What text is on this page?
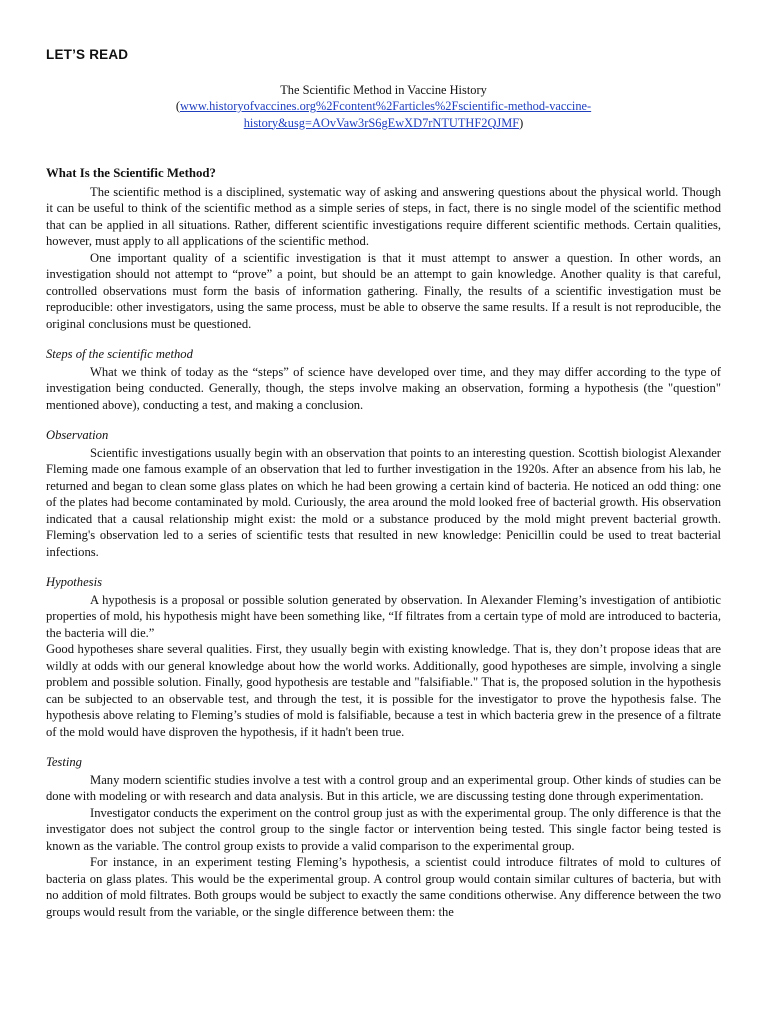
LET’S READ
The Scientific Method in Vaccine History
(www.historyofvaccines.org%2Fcontent%2Farticles%2Fscientific-method-vaccine-history&usg=AOvVaw3rS6gEwXD7rNTUTHF2QJMF)
What Is the Scientific Method?

The scientific method is a disciplined, systematic way of asking and answering questions about the physical world. Though it can be useful to think of the scientific method as a simple series of steps, in fact, there is no single model of the scientific method that can be applied in all situations. Rather, different scientific investigations require different scientific methods. Certain qualities, however, must apply to all applications of the scientific method.

One important quality of a scientific investigation is that it must attempt to answer a question. In other words, an investigation should not attempt to “prove” a point, but should be an attempt to gain knowledge. Another quality is that careful, controlled observations must form the basis of information gathering. Finally, the results of a scientific investigation must be reproducible: other investigators, using the same process, must be able to observe the same results. If a result is not reproducible, the original conclusions must be questioned.

Steps of the scientific method

What we think of today as the “steps” of science have developed over time, and they may differ according to the type of investigation being conducted. Generally, though, the steps involve making an observation, forming a hypothesis (the "question" mentioned above), conducting a test, and making a conclusion.

Observation

Scientific investigations usually begin with an observation that points to an interesting question. Scottish biologist Alexander Fleming made one famous example of an observation that led to further investigation in the 1920s. After an absence from his lab, he returned and began to clean some glass plates on which he had been growing a certain kind of bacteria. He noticed an odd thing: one of the plates had become contaminated by mold. Curiously, the area around the mold looked free of bacterial growth. His observation indicated that a causal relationship might exist: the mold or a substance produced by the mold might prevent bacterial growth. Fleming's observation led to a series of scientific tests that resulted in new knowledge: Penicillin could be used to treat bacterial infections.

Hypothesis

A hypothesis is a proposal or possible solution generated by observation. In Alexander Fleming’s investigation of antibiotic properties of mold, his hypothesis might have been something like, “If filtrates from a certain type of mold are introduced to bacteria, the bacteria will die.”

Good hypotheses share several qualities. First, they usually begin with existing knowledge. That is, they don’t propose ideas that are wildly at odds with our general knowledge about how the world works. Additionally, good hypotheses are simple, involving a single problem and possible solution. Finally, good hypothesis are testable and "falsifiable." That is, the proposed solution in the hypothesis can be subjected to an observable test, and through the test, it is possible for the investigator to prove the hypothesis false. The hypothesis above relating to Fleming’s studies of mold is falsifiable, because a test in which bacteria grew in the presence of a filtrate of the mold would have disproven the hypothesis, if it hadn't been true.

Testing

Many modern scientific studies involve a test with a control group and an experimental group. Other kinds of studies can be done with modeling or with research and data analysis. But in this article, we are discussing testing done through experimentation.

Investigator conducts the experiment on the control group just as with the experimental group. The only difference is that the investigator does not subject the control group to the single factor or intervention being tested. This single factor being tested is known as the variable. The control group exists to provide a valid comparison to the experimental group.

For instance, in an experiment testing Fleming’s hypothesis, a scientist could introduce filtrates of mold to cultures of bacteria on glass plates. This would be the experimental group. A control group would contain similar cultures of bacteria, but with no addition of mold filtrates. Both groups would be subject to exactly the same conditions otherwise. Any difference between the two groups would result from the variable, or the single difference between them: the
